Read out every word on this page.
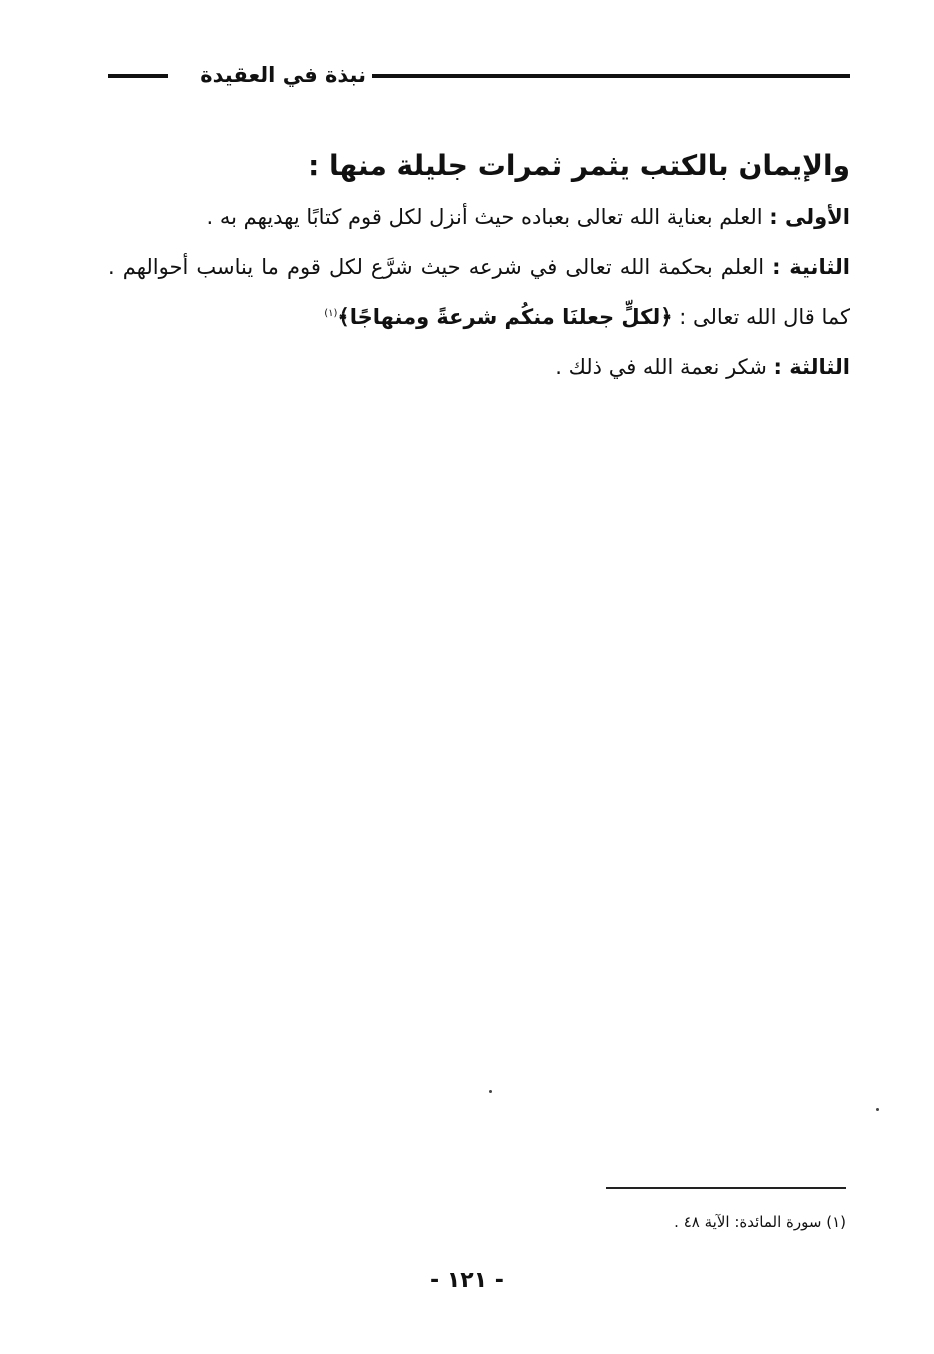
نبذة في العقيدة

والإيمان بالكتب يثمر ثمرات جليلة منها :

الأولى : العلم بعناية الله تعالى بعباده حيث أنزل لكل قوم كتابًا يهديهم به .

الثانية : العلم بحكمة الله تعالى في شرعه حيث شرَّع لكل قوم ما يناسب أحوالهم . كما قال الله تعالى : ﴿لكلٍّ جعلنَا منكُم شرعةً ومنهاجًا﴾$^{(١)}$

الثالثة : شكر نعمة الله في ذلك .

(١) سورة المائدة: الآية ٤٨ .
- ١٢١ -
